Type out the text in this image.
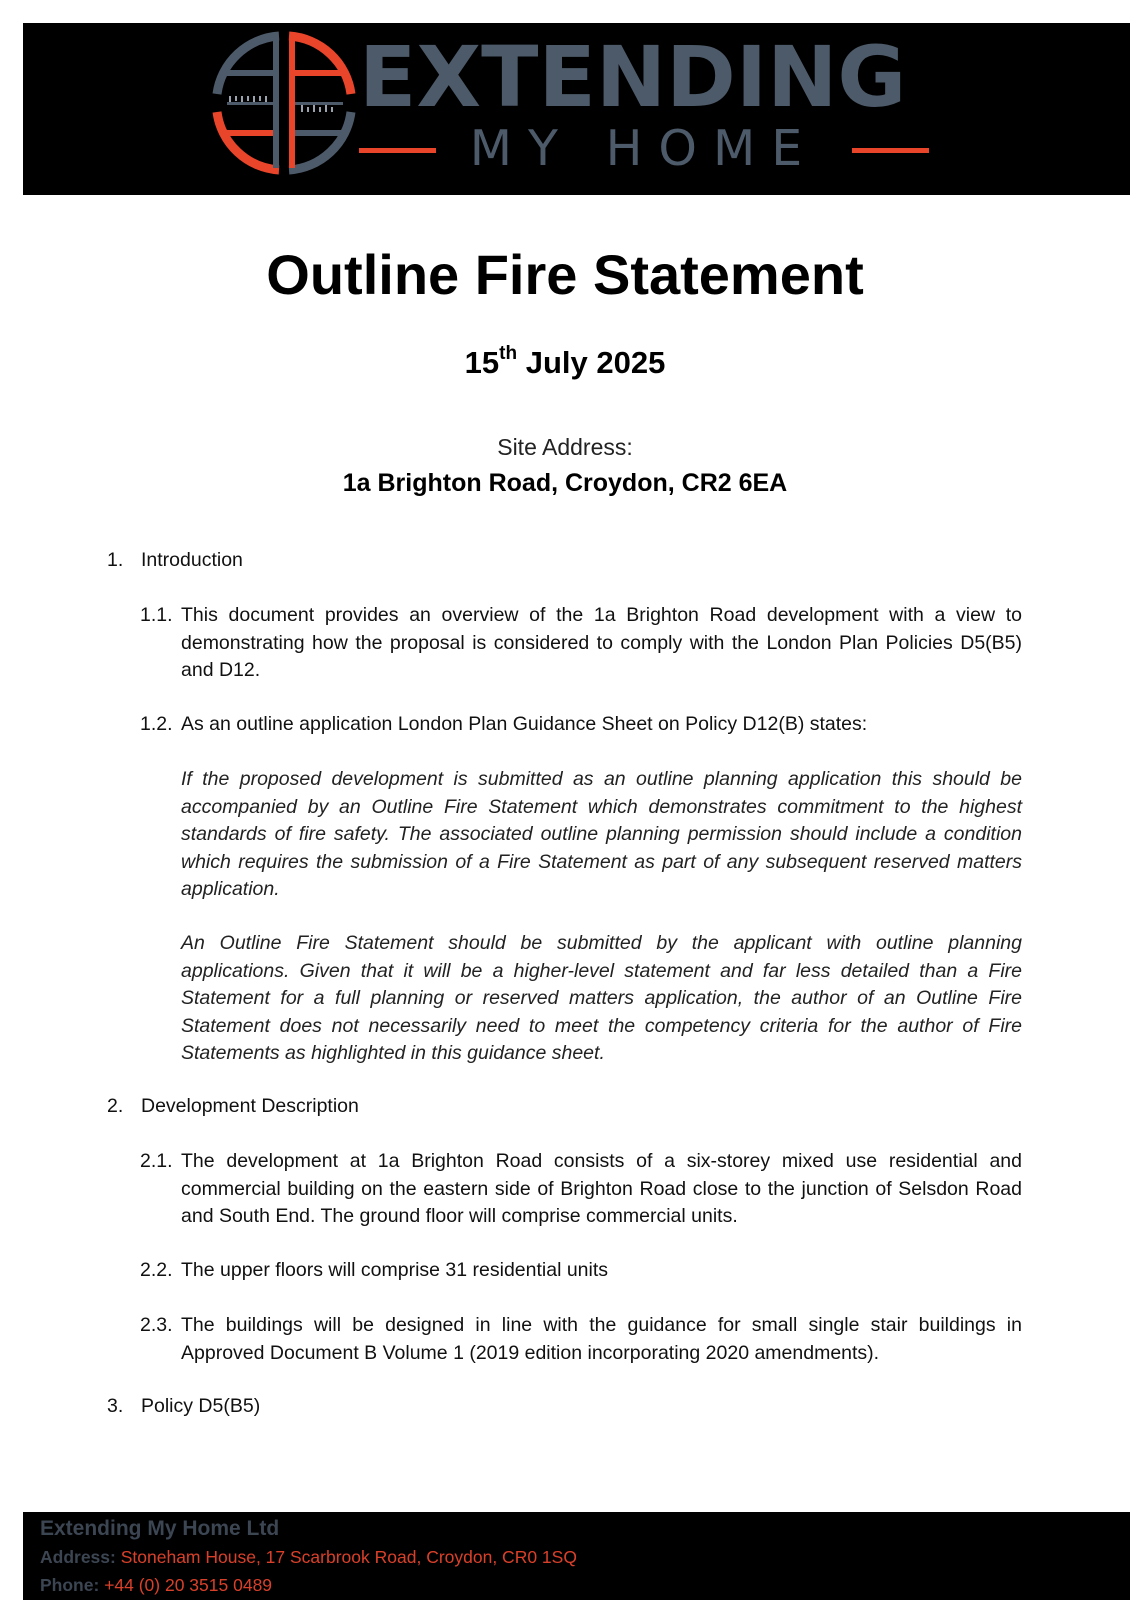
EXTENDING
MY HOME
Outline Fire Statement
15th July 2025
Site Address:
1a Brighton Road, Croydon, CR2 6EA
1. Introduction
1.1. This document provides an overview of the 1a Brighton Road development with a view to demonstrating how the proposal is considered to comply with the London Plan Policies D5(B5) and D12.
1.2. As an outline application London Plan Guidance Sheet on Policy D12(B) states:
If the proposed development is submitted as an outline planning application this should be accompanied by an Outline Fire Statement which demonstrates commitment to the highest standards of fire safety. The associated outline planning permission should include a condition which requires the submission of a Fire Statement as part of any subsequent reserved matters application.
An Outline Fire Statement should be submitted by the applicant with outline planning applications. Given that it will be a higher-level statement and far less detailed than a Fire Statement for a full planning or reserved matters application, the author of an Outline Fire Statement does not necessarily need to meet the competency criteria for the author of Fire Statements as highlighted in this guidance sheet.
2. Development Description
2.1. The development at 1a Brighton Road consists of a six-storey mixed use residential and commercial building on the eastern side of Brighton Road close to the junction of Selsdon Road and South End. The ground floor will comprise commercial units.
2.2. The upper floors will comprise 31 residential units
2.3. The buildings will be designed in line with the guidance for small single stair buildings in Approved Document B Volume 1 (2019 edition incorporating 2020 amendments).
3. Policy D5(B5)
Extending My Home Ltd
Address: Stoneham House, 17 Scarbrook Road, Croydon, CR0 1SQ
Phone: +44 (0) 20 3515 0489
